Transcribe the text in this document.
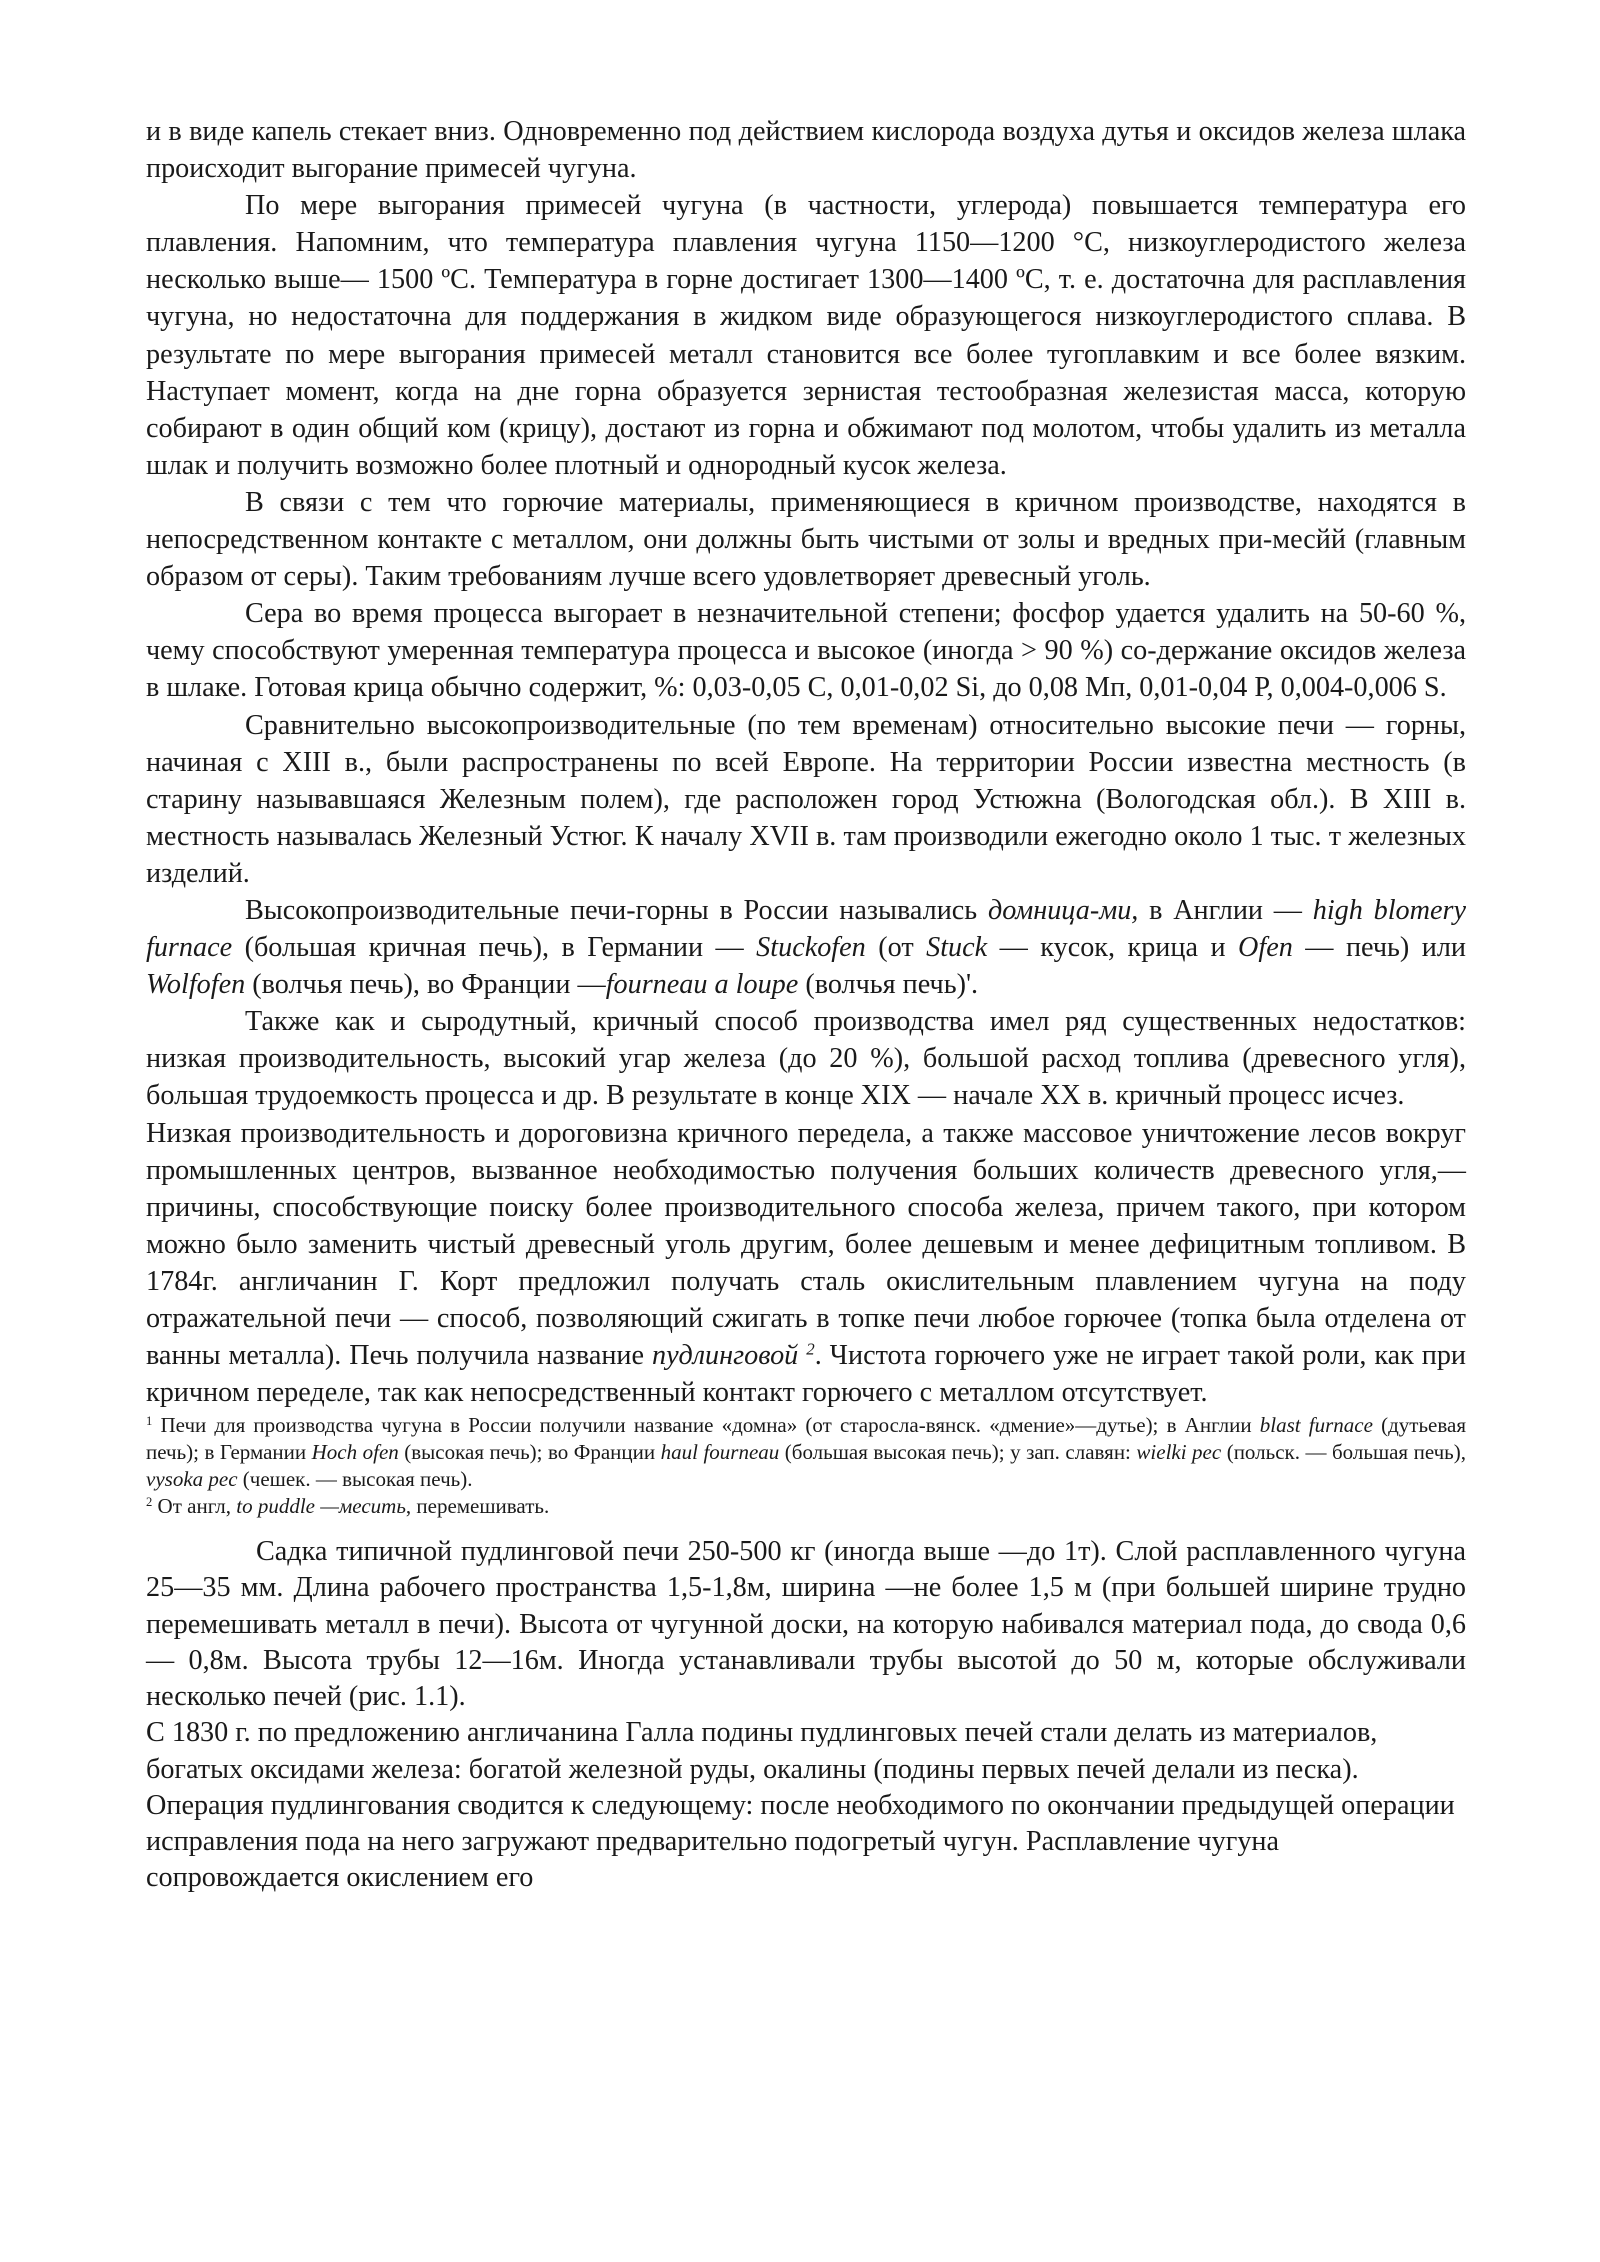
и в виде капель стекает вниз. Одновременно под действием кислорода воздуха дутья и оксидов железа шлака происходит выгорание примесей чугуна.

По мере выгорания примесей чугуна (в частности, углерода) повышается температура его плавления. Напомним, что температура плавления чугуна 1150—1200 °С, низкоуглеродистого железа несколько выше— 1500 ºС. Температура в горне достигает 1300—1400 ºС, т. е. достаточна для расплавления чугуна, но недостаточна для поддержания в жидком виде образующегося низкоуглеродистого сплава. В результате по мере выгорания примесей металл становится все более тугоплавким и все более вязким. Наступает момент, когда на дне горна образуется зернистая тестообразная железистая масса, которую собирают в один общий ком (крицу), достают из горна и обжимают под молотом, чтобы удалить из металла шлак и получить возможно более плотный и однородный кусок железа.

В связи с тем что горючие материалы, применяющиеся в кричном производстве, находятся в непосредственном контакте с металлом, они должны быть чистыми от золы и вредных при-месйй (главным образом от серы). Таким требованиям лучше всего удовлетворяет древесный уголь.

Сера во время процесса выгорает в незначительной степени; фосфор удается удалить на 50-60 %, чему способствуют умеренная температура процесса и высокое (иногда > 90 %) со-держание оксидов железа в шлаке. Готовая крица обычно содержит, %: 0,03-0,05 С, 0,01-0,02 Si, до 0,08 Мп, 0,01-0,04 Р, 0,004-0,006 S.

Сравнительно высокопроизводительные (по тем временам) относительно высокие печи — горны, начиная с XIII в., были распространены по всей Европе. На территории России известна местность (в старину называвшаяся Железным полем), где расположен город Устюжна (Вологодская обл.). В XIII в. местность называлась Железный Устюг. К началу XVII в. там производили ежегодно около 1 тыс. т железных изделий.

Высокопроизводительные печи-горны в России назывались домница-ми, в Англии — high blomery furnace (большая кричная печь), в Германии — Stuckofen (от Stuck — кусок, крица и Ofen — печь) или Wolfofen (волчья печь), во Франции —fourneau a loupe (волчья печь)'.

Также как и сыродутный, кричный способ производства имел ряд существенных недостатков: низкая производительность, высокий угар железа (до 20 %), большой расход топлива (древесного угля), большая трудоемкость процесса и др. В результате в конце XIX — начале XX в. кричный процесс исчез.

Низкая производительность и дороговизна кричного передела, а также массовое уничтожение лесов вокруг промышленных центров, вызванное необходимостью получения больших количеств древесного угля,— причины, способствующие поиску более производительного способа железа, причем такого, при котором можно было заменить чистый древесный уголь другим, более дешевым и менее дефицитным топливом. В 1784г. англичанин Г. Корт предложил получать сталь окислительным плавлением чугуна на поду отражательной печи — способ, позволяющий сжигать в топке печи любое горючее (топка была отделена от ванны металла). Печь получила название пудлинговой $^2$. Чистота горючего уже не играет такой роли, как при кричном переделе, так как непосредственный контакт горючего с металлом отсутствует.

$^1$ Печи для производства чугуна в России получили название «домна» (от старосла-вянск. «дмение»—дутье); в Англии blast furnace (дутьевая печь); в Германии Hoch ofen (высокая печь); во Франции haul fourneau (большая высокая печь); у зап. славян: wielki pec (польск. — большая печь), vysoka pec (чешек. — высокая печь).

$^2$ От англ, to puddle —месить, перемешивать.

Садка типичной пудлинговой печи 250-500 кг (иногда выше —до 1т). Слой расплавленного чугуна 25—35 мм. Длина рабочего пространства 1,5-1,8м, ширина —не более 1,5 м (при большей ширине трудно перемешивать металл в печи). Высота от чугунной доски, на которую набивался материал пода, до свода 0,6— 0,8м. Высота трубы 12—16м. Иногда устанавливали трубы высотой до 50 м, которые обслуживали несколько печей (рис. 1.1).

С 1830 г. по предложению англичанина Галла подины пудлинговых печей стали делать из материалов, богатых оксидами железа: богатой железной руды, окалины (подины первых печей делали из песка). Операция пудлингования сводится к следующему: после необходимого по окончании предыдущей операции исправления пода на него загружают предварительно подогретый чугун. Расплавление чугуна сопровождается окислением его
